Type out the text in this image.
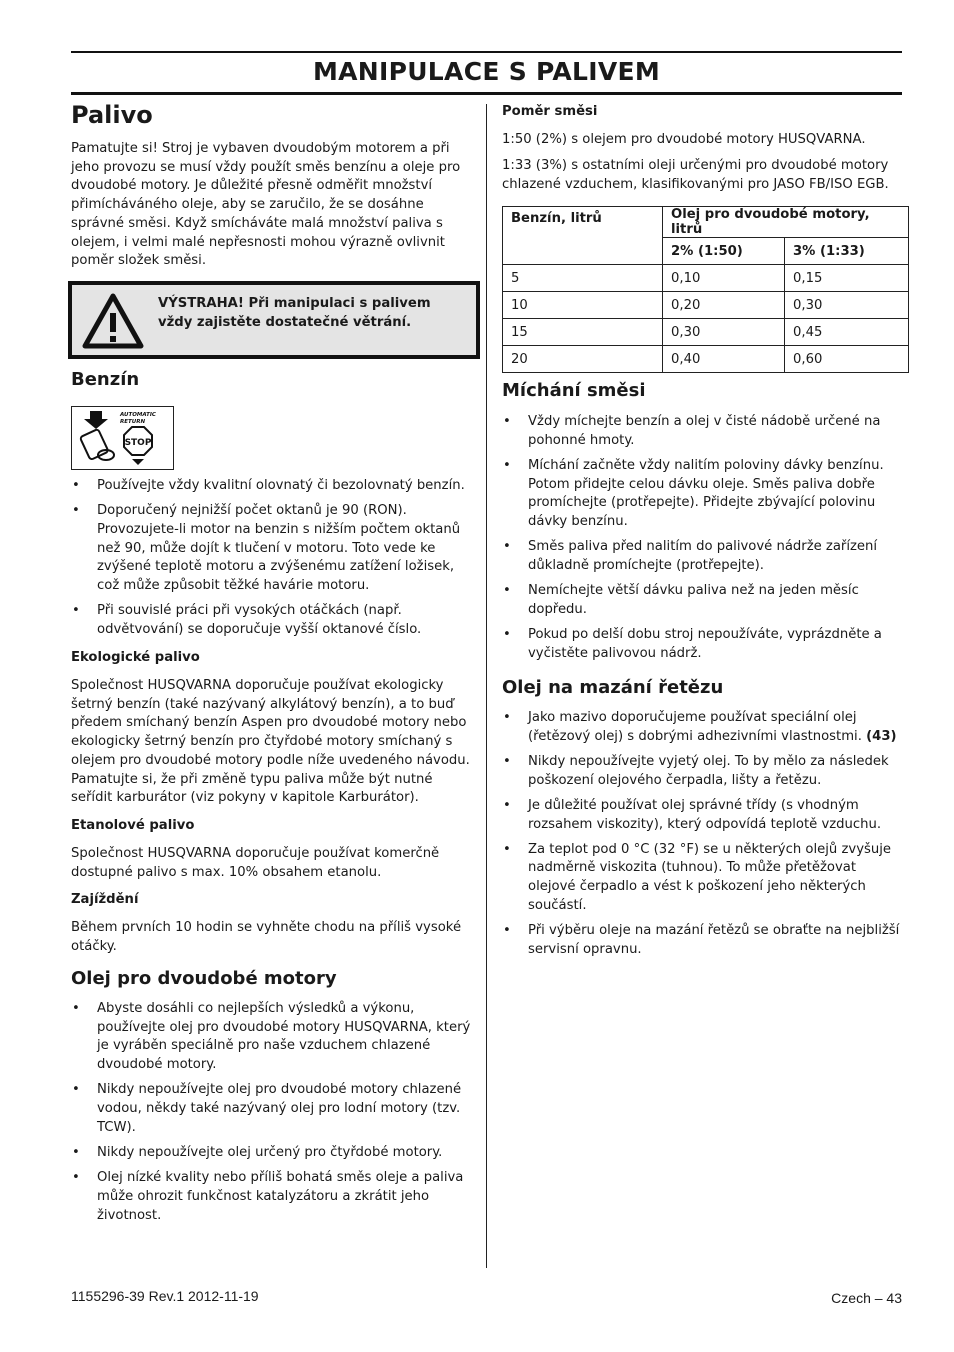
MANIPULACE S PALIVEM
Palivo

Pamatujte si! Stroj je vybaven dvoudobým motorem a při jeho provozu se musí vždy použít směs benzínu a oleje pro dvoudobé motory. Je důležité přesně odměřit množství přimícháváného oleje, aby se zaručilo, že se dosáhne správné směsi. Když smícháváte malá množství paliva s olejem, i velmi malé nepřesnosti mohou výrazně ovlivnit poměr složek směsi.

VÝSTRAHA! Při manipulaci s palivem vždy zajistěte dostatečné větrání.
Benzín
AUTOMATIC
RETURN
STOP
• Používejte vždy kvalitní olovnatý či bezolovnatý benzín.
• Doporučený nejnižší počet oktanů je 90 (RON). Provozujete-li motor na benzin s nižším počtem oktanů než 90, může dojít k tlučení v motoru. Toto vede ke zvýšené teplotě motoru a zvýšenému zatížení ložisek, což může způsobit těžké havárie motoru.
• Při souvislé práci při vysokých otáčkách (např. odvětvování) se doporučuje vyšší oktanové číslo.
Ekologické palivo

Společnost HUSQVARNA doporučuje používat ekologicky šetrný benzín (také nazývaný alkylátový benzín), a to buď předem smíchaný benzín Aspen pro dvoudobé motory nebo ekologicky šetrný benzín pro čtyřdobé motory smíchaný s olejem pro dvoudobé motory podle níže uvedeného návodu. Pamatujte si, že při změně typu paliva může být nutné seřídit karburátor (viz pokyny v kapitole Karburátor).

Etanolové palivo

Společnost HUSQVARNA doporučuje používat komerčně dostupné palivo s max. 10% obsahem etanolu.

Zajíždění

Během prvních 10 hodin se vyhněte chodu na příliš vysoké otáčky.

Olej pro dvoudobé motory
• Abyste dosáhli co nejlepších výsledků a výkonu, používejte olej pro dvoudobé motory HUSQVARNA, který je vyráběn speciálně pro naše vzduchem chlazené dvoudobé motory.
• Nikdy nepoužívejte olej pro dvoudobé motory chlazené vodou, někdy také nazývaný olej pro lodní motory (tzv. TCW).
• Nikdy nepoužívejte olej určený pro čtyřdobé motory.
• Olej nízké kvality nebo příliš bohatá směs oleje a paliva může ohrozit funkčnost katalyzátoru a zkrátit jeho životnost.
Poměr směsi

1:50 (2%) s olejem pro dvoudobé motory HUSQVARNA.

1:33 (3%) s ostatními oleji určenými pro dvoudobé motory chlazené vzduchem, klasifikovanými pro JASO FB/ISO EGB.

Benzín, litrů	Olej pro dvoudobé motory, litrů	
	2% (1:50)	3% (1:33)
5	0,10	0,15
10	0,20	0,30
15	0,30	0,45
20	0,40	0,60
Míchání směsi
• Vždy míchejte benzín a olej v čisté nádobě určené na pohonné hmoty.
• Míchání začněte vždy nalitím poloviny dávky benzínu. Potom přidejte celou dávku oleje. Směs paliva dobře promíchejte (protřepejte). Přidejte zbývající polovinu dávky benzínu.
• Směs paliva před nalitím do palivové nádrže zařízení důkladně promíchejte (protřepejte).
• Nemíchejte větší dávku paliva než na jeden měsíc dopředu.
• Pokud po delší dobu stroj nepoužíváte, vyprázdněte a vyčistěte palivovou nádrž.
Olej na mazání řetězu
• Jako mazivo doporučujeme používat speciální olej (řetězový olej) s dobrými adhezivními vlastnostmi. (43)
• Nikdy nepoužívejte vyjetý olej. To by mělo za následek poškození olejového čerpadla, lišty a řetězu.
• Je důležité používat olej správné třídy (s vhodným rozsahem viskozity), který odpovídá teplotě vzduchu.
• Za teplot pod 0 °C (32 °F) se u některých olejů zvyšuje nadměrně viskozita (tuhnou). To může přetěžovat olejové čerpadlo a vést k poškození jeho některých součástí.
• Při výběru oleje na mazání řetězů se obraťte na nejbližší servisní opravnu.
1155296-39 Rev.1 2012-11-19	Czech – 43
